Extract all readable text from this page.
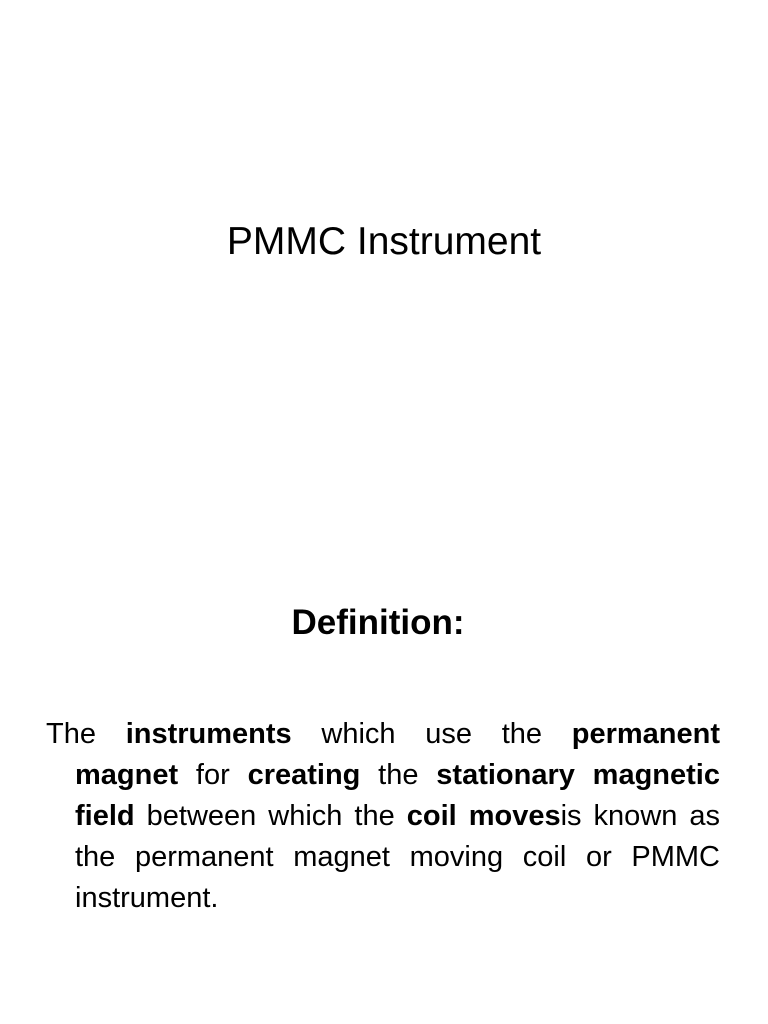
PMMC Instrument
Definition:
The instruments which use the permanent magnet for creating the stationary magnetic field between which the coil movesis known as the permanent magnet moving coil or PMMC instrument.
